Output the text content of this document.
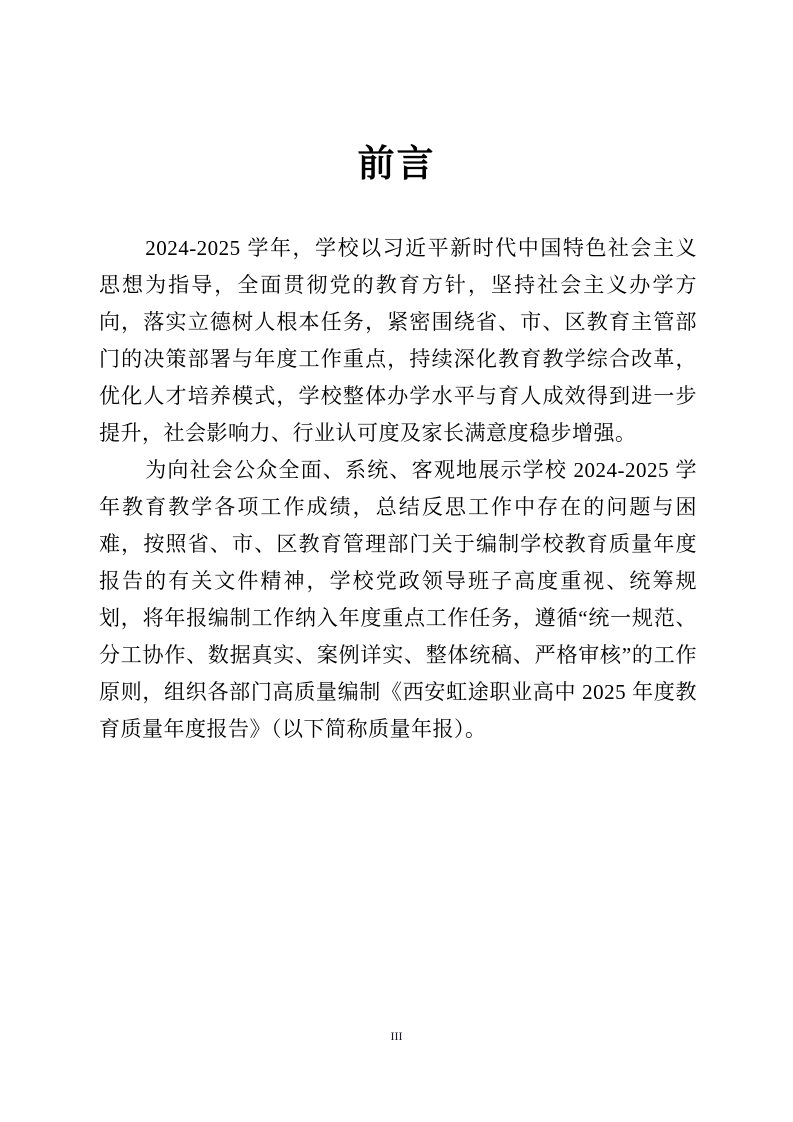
前言

2024-2025 学年，学校以习近平新时代中国特色社会主义思想为指导，全面贯彻党的教育方针，坚持社会主义办学方向，落实立德树人根本任务，紧密围绕省、市、区教育主管部门的决策部署与年度工作重点，持续深化教育教学综合改革，优化人才培养模式，学校整体办学水平与育人成效得到进一步提升，社会影响力、行业认可度及家长满意度稳步增强。

为向社会公众全面、系统、客观地展示学校 2024-2025 学年教育教学各项工作成绩，总结反思工作中存在的问题与困难，按照省、市、区教育管理部门关于编制学校教育质量年度报告的有关文件精神，学校党政领导班子高度重视、统筹规划，将年报编制工作纳入年度重点工作任务，遵循“统一规范、分工协作、数据真实、案例详实、整体统稿、严格审核”的工作原则，组织各部门高质量编制《西安虹途职业高中 2025 年度教育质量年度报告》（以下简称质量年报）。

III
